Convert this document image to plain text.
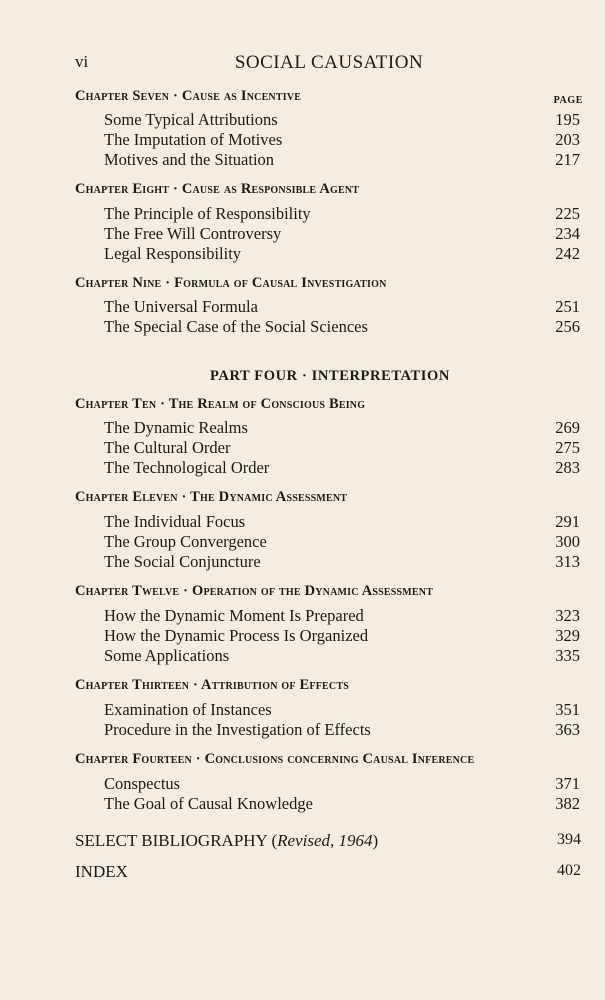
vi	SOCIAL CAUSATION
PAGE
Chapter Seven · Cause as Incentive
Some Typical Attributions	195
The Imputation of Motives	203
Motives and the Situation	217
Chapter Eight · Cause as Responsible Agent
The Principle of Responsibility	225
The Free Will Controversy	234
Legal Responsibility	242
Chapter Nine · Formula of Causal Investigation
The Universal Formula	251
The Special Case of the Social Sciences	256
PART FOUR · INTERPRETATION
Chapter Ten · The Realm of Conscious Being
The Dynamic Realms	269
The Cultural Order	275
The Technological Order	283
Chapter Eleven · The Dynamic Assessment
The Individual Focus	291
The Group Convergence	300
The Social Conjuncture	313
Chapter Twelve · Operation of the Dynamic Assessment
How the Dynamic Moment Is Prepared	323
How the Dynamic Process Is Organized	329
Some Applications	335
Chapter Thirteen · Attribution of Effects
Examination of Instances	351
Procedure in the Investigation of Effects	363
Chapter Fourteen · Conclusions concerning Causal Inference
Conspectus	371
The Goal of Causal Knowledge	382
SELECT BIBLIOGRAPHY (Revised, 1964)	394
INDEX	402
